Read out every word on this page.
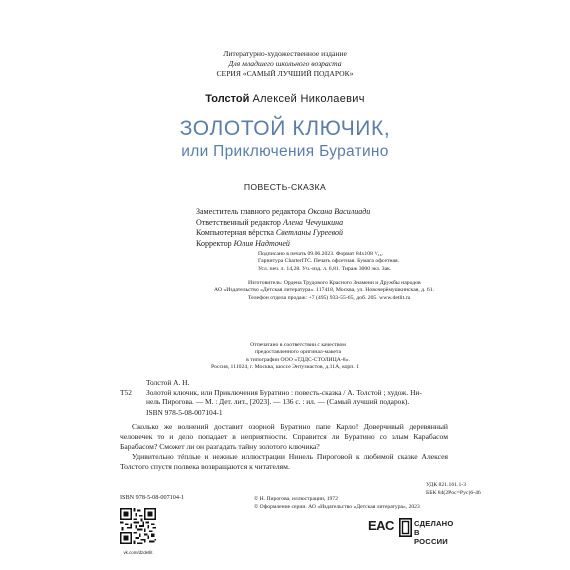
Литературно-художественное издание
Для младшего школьного возраста
СЕРИЯ «САМЫЙ ЛУЧШИЙ ПОДАРОК»
Толстой Алексей Николаевич
ЗОЛОТОЙ КЛЮЧИК,
или Приключения Буратино
ПОВЕСТЬ-СКАЗКА
Заместитель главного редактора Оксана Василиади
Ответственный редактор Алена Чечушкина
Компьютерная вёрстка Светланы Гуреевой
Корректор Юлия Надточей
Подписано в печать 09.06.2023. Формат 84х108 ¹/₁₆.
Гарнитура CharterITC. Печать офсетная. Бумага офсетная.
Усл. печ. л. 14,28. Уч.-изд. л. 6,81. Тираж 3000 экз. Зак.
Изготовитель: Ордена Трудового Красного Знамени и Дружбы народов
АО «Издательство «Детская литература». 117418, Москва, ул. Новочерёмушкинская, д. 61.
Телефон отдела продаж: +7 (495) 933-55-65, доб. 205. www.detlit.ru
Отпечатано в соответствии с качеством
предоставленного оригинал-макета
в типографии ООО «ТДДС-СТОЛИЦА-8».
Россия, 111024, г. Москва, шоссе Энтузиастов, д.11А, корп. 1
Толстой А. Н.
Т52 Золотой ключик, или Приключения Буратино : повесть-сказка / А. Толстой ; худож. Ни-
нель Пирогова. — М. : Дет. лит., [2023]. — 136 с. : ил. — (Самый лучший подарок).
ISBN 978-5-08-007104-1

Сколько же волнений доставит озорной Буратино папе Карло! Доверчивый деревянный человечек то и дело попадает в неприятности. Справится ли Буратино со злым Карабасом Барабасом? Сможет ли он разгадать тайну золотого ключика?

Удивительно тёплые и нежные иллюстрации Нинель Пироговой к любимой сказке Алексея Толстого спустя полвека возвращаются к читателям.

УДК 821.161.1-3
ББК 84(2Рос=Рус)6-46
© Н. Пирогова, иллюстрации, 1972
© Оформление серии. АО «Издательство «Детская литература», 2023
ISBN 978-5-08-007104-1
vk.com/dzdetlit
EAC	СДЕЛАНО
В РОССИИ
